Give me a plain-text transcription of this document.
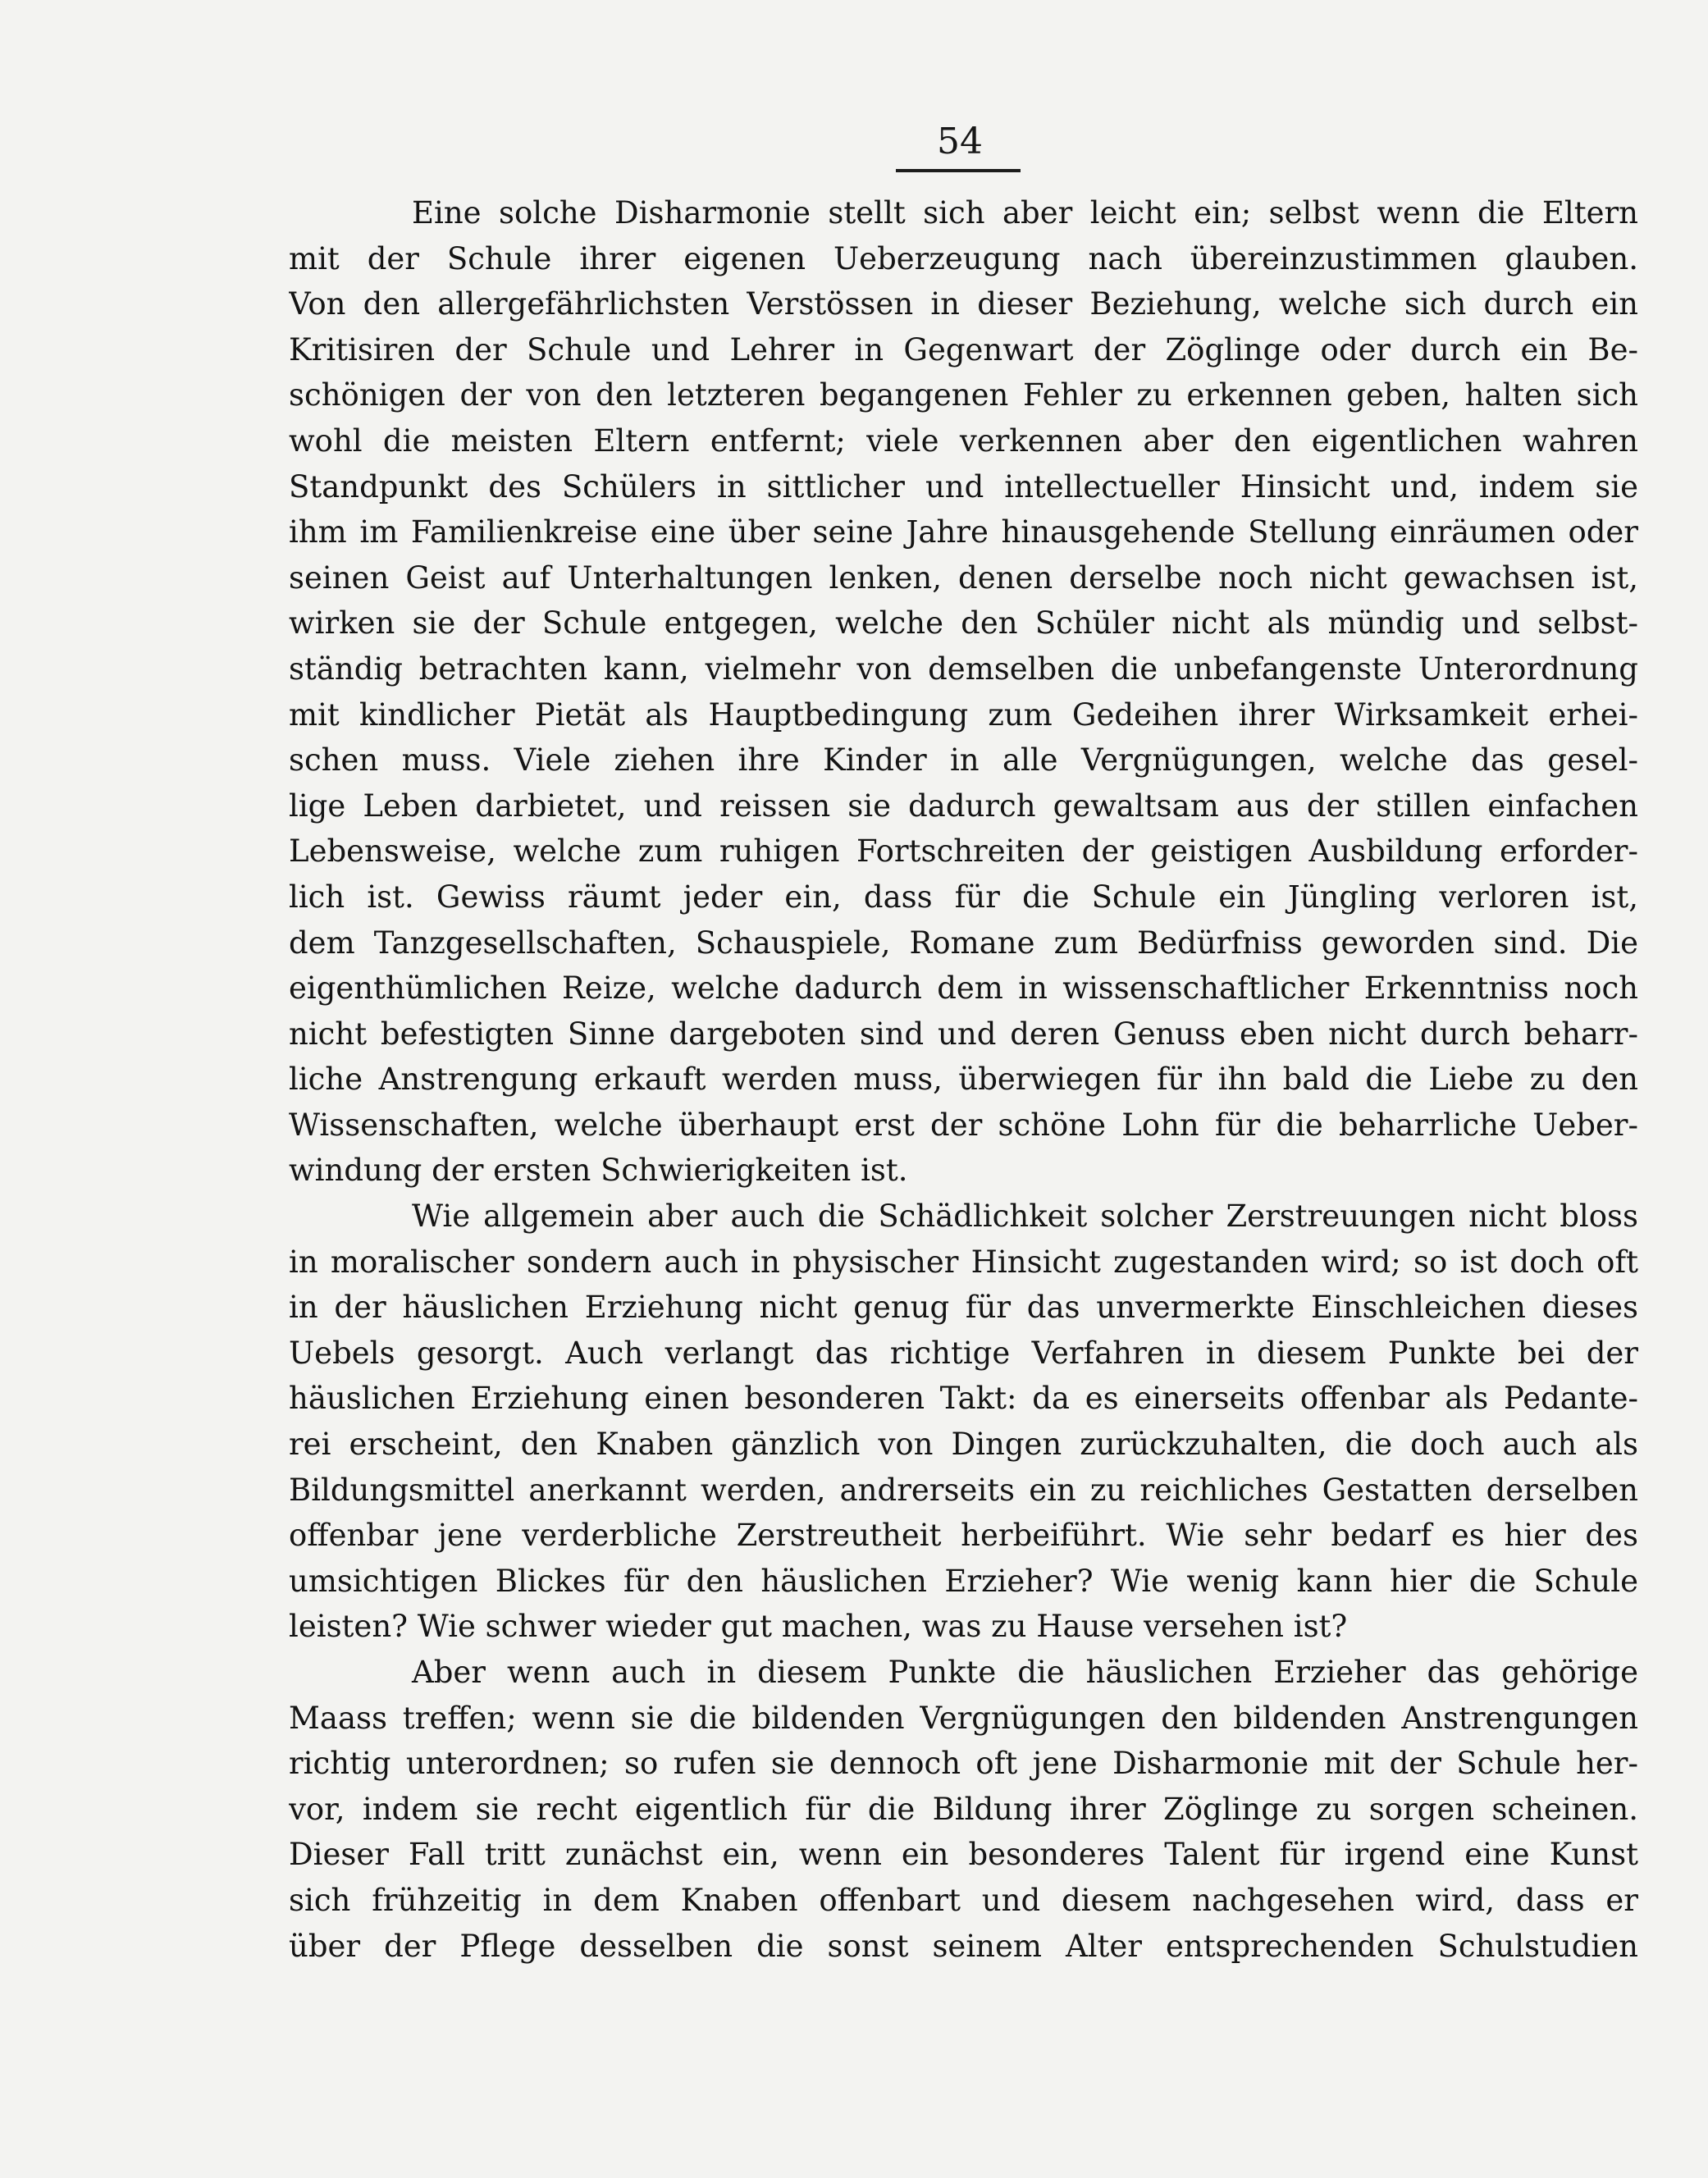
54
Eine solche Disharmonie stellt sich aber leicht ein; selbst wenn die Eltern
mit der Schule ihrer eigenen Ueberzeugung nach übereinzustimmen glauben.
Von den allergefährlichsten Verstössen in dieser Beziehung, welche sich durch ein
Kritisiren der Schule und Lehrer in Gegenwart der Zöglinge oder durch ein Be-
schönigen der von den letzteren begangenen Fehler zu erkennen geben, halten sich
wohl die meisten Eltern entfernt; viele verkennen aber den eigentlichen wahren
Standpunkt des Schülers in sittlicher und intellectueller Hinsicht und, indem sie
ihm im Familienkreise eine über seine Jahre hinausgehende Stellung einräumen oder
seinen Geist auf Unterhaltungen lenken, denen derselbe noch nicht gewachsen ist,
wirken sie der Schule entgegen, welche den Schüler nicht als mündig und selbst-
ständig betrachten kann, vielmehr von demselben die unbefangenste Unterordnung
mit kindlicher Pietät als Hauptbedingung zum Gedeihen ihrer Wirksamkeit erhei-
schen muss. Viele ziehen ihre Kinder in alle Vergnügungen, welche das gesel-
lige Leben darbietet, und reissen sie dadurch gewaltsam aus der stillen einfachen
Lebensweise, welche zum ruhigen Fortschreiten der geistigen Ausbildung erforder-
lich ist. Gewiss räumt jeder ein, dass für die Schule ein Jüngling verloren ist,
dem Tanzgesellschaften, Schauspiele, Romane zum Bedürfniss geworden sind. Die
eigenthümlichen Reize, welche dadurch dem in wissenschaftlicher Erkenntniss noch
nicht befestigten Sinne dargeboten sind und deren Genuss eben nicht durch beharr-
liche Anstrengung erkauft werden muss, überwiegen für ihn bald die Liebe zu den
Wissenschaften, welche überhaupt erst der schöne Lohn für die beharrliche Ueber-
windung der ersten Schwierigkeiten ist.
Wie allgemein aber auch die Schädlichkeit solcher Zerstreuungen nicht bloss
in moralischer sondern auch in physischer Hinsicht zugestanden wird; so ist doch oft
in der häuslichen Erziehung nicht genug für das unvermerkte Einschleichen dieses
Uebels gesorgt. Auch verlangt das richtige Verfahren in diesem Punkte bei der
häuslichen Erziehung einen besonderen Takt: da es einerseits offenbar als Pedante-
rei erscheint, den Knaben gänzlich von Dingen zurückzuhalten, die doch auch als
Bildungsmittel anerkannt werden, andrerseits ein zu reichliches Gestatten derselben
offenbar jene verderbliche Zerstreutheit herbeiführt. Wie sehr bedarf es hier des
umsichtigen Blickes für den häuslichen Erzieher? Wie wenig kann hier die Schule
leisten? Wie schwer wieder gut machen, was zu Hause versehen ist?
Aber wenn auch in diesem Punkte die häuslichen Erzieher das gehörige
Maass treffen; wenn sie die bildenden Vergnügungen den bildenden Anstrengungen
richtig unterordnen; so rufen sie dennoch oft jene Disharmonie mit der Schule her-
vor, indem sie recht eigentlich für die Bildung ihrer Zöglinge zu sorgen scheinen.
Dieser Fall tritt zunächst ein, wenn ein besonderes Talent für irgend eine Kunst
sich frühzeitig in dem Knaben offenbart und diesem nachgesehen wird, dass er
über der Pflege desselben die sonst seinem Alter entsprechenden Schulstudien
